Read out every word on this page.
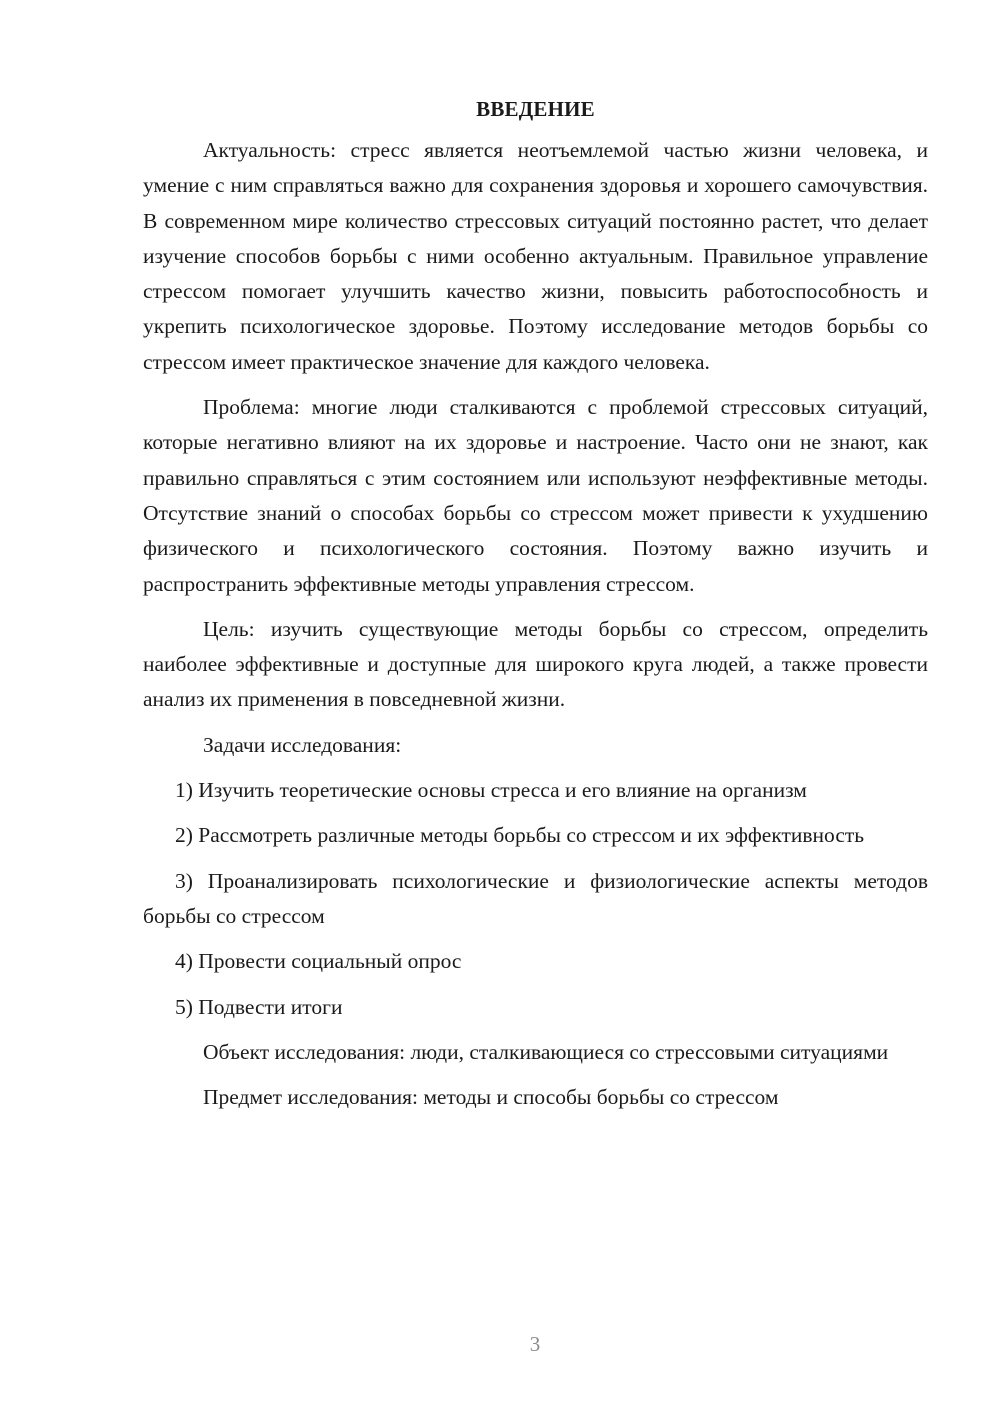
ВВЕДЕНИЕ

Актуальность: стресс является неотъемлемой частью жизни человека, и умение с ним справляться важно для сохранения здоровья и хорошего самочувствия. В современном мире количество стрессовых ситуаций постоянно растет, что делает изучение способов борьбы с ними особенно актуальным. Правильное управление стрессом помогает улучшить качество жизни, повысить работоспособность и укрепить психологическое здоровье. Поэтому исследование методов борьбы со стрессом имеет практическое значение для каждого человека.

Проблема: многие люди сталкиваются с проблемой стрессовых ситуаций, которые негативно влияют на их здоровье и настроение. Часто они не знают, как правильно справляться с этим состоянием или используют неэффективные методы. Отсутствие знаний о способах борьбы со стрессом может привести к ухудшению физического и психологического состояния. Поэтому важно изучить и распространить эффективные методы управления стрессом.

Цель: изучить существующие методы борьбы со стрессом, определить наиболее эффективные и доступные для широкого круга людей, а также провести анализ их применения в повседневной жизни.

Задачи исследования:

1) Изучить теоретические основы стресса и его влияние на организм

2) Рассмотреть различные методы борьбы со стрессом и их эффективность

3) Проанализировать психологические и физиологические аспекты методов борьбы со стрессом

4) Провести социальный опрос

5) Подвести итоги

Объект исследования: люди, сталкивающиеся со стрессовыми ситуациями

Предмет исследования: методы и способы борьбы со стрессом

3
